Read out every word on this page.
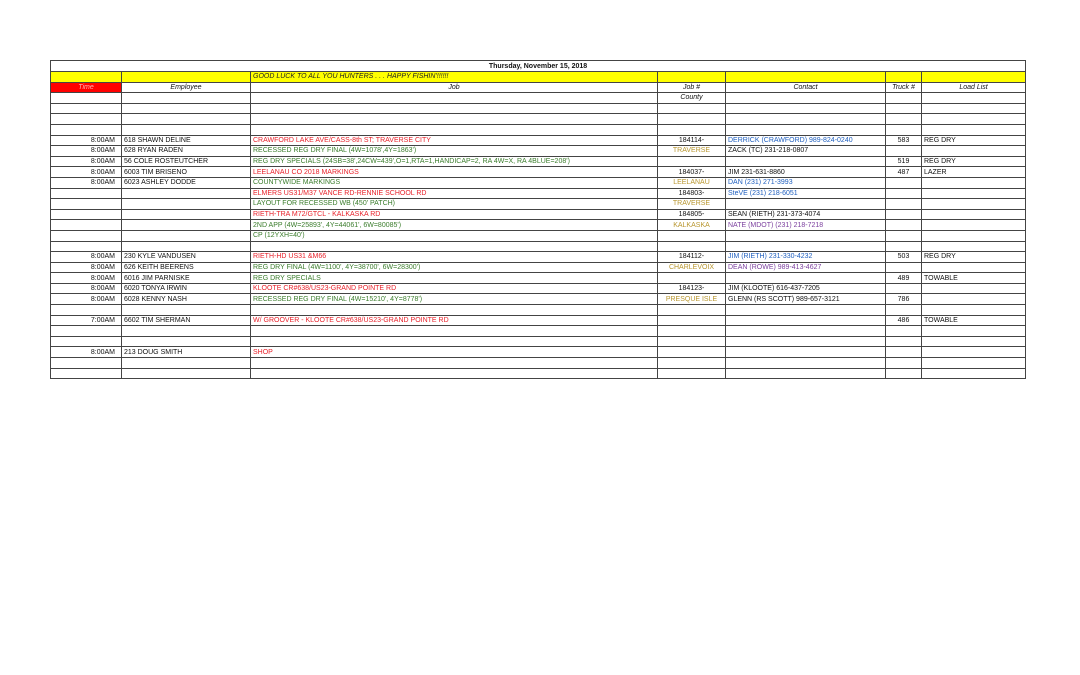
Thursday, November 15, 2018						
		GOOD LUCK TO ALL YOU HUNTERS . . . HAPPY FISHIN'!!!!!!				
Time	Employee	Job	Job #	Contact	Truck #	Load List
			County			

8:00AM	618 SHAWN DELINE	CRAWFORD LAKE AVE/CASS-8th ST; TRAVERSE CITY	184114-	DERRICK (CRAWFORD) 989-824-0240	583	REG DRY
8:00AM	628 RYAN RADEN	RECESSED REG DRY FINAL (4W=1078',4Y=1863')	TRAVERSE	ZACK (TC) 231-218-0807		
8:00AM	56 COLE ROSTEUTCHER	REG DRY SPECIALS (24SB=38',24CW=439',O=1,RTA=1,HANDICAP=2, RA 4W=X, RA 4BLUE=208')			519	REG DRY
8:00AM	6003 TIM BRISENO	LEELANAU CO 2018 MARKINGS	184037-	JIM 231-631-8860	487	LAZER
8:00AM	6023 ASHLEY DODDE	COUNTYWIDE MARKINGS	LEELANAU	DAN (231) 271-3993		
		ELMERS US31/M37 VANCE RD-RENNIE SCHOOL RD	184803-	SteVE (231) 218-6051		
		LAYOUT FOR RECESSED WB (450' PATCH)	TRAVERSE			
		RIETH-TRA M72/GTCL - KALKASKA RD	184805-	SEAN (RIETH) 231-373-4074		
		2ND APP (4W=25893', 4Y=44061', 6W=80085')	KALKASKA	NATE (MDOT) (231) 218-7218		
		CP (12YXH=40')				

8:00AM	230 KYLE VANDUSEN	RIETH-HD US31 &M66	184112-	JIM (RIETH) 231-330-4232	503	REG DRY
8:00AM	626 KEITH BEERENS	REG DRY FINAL (4W=1100', 4Y=38700', 6W=28300')	CHARLEVOIX	DEAN (ROWE) 989-413-4627		
8:00AM	6016 JIM PARNISKE	REG DRY SPECIALS			489	TOWABLE
8:00AM	6020 TONYA IRWIN	KLOOTE CR#638/US23-GRAND POINTE RD	184123-	JIM (KLOOTE) 616-437-7205		
8:00AM	6028 KENNY NASH	RECESSED REG DRY FINAL (4W=15210', 4Y=8778')	PRESQUE ISLE	GLENN (RS SCOTT) 989-657-3121	786	

7:00AM	6602 TIM SHERMAN	W/ GROOVER - KLOOTE CR#638/US23-GRAND POINTE RD			486	TOWABLE

8:00AM	213 DOUG SMITH	SHOP				
